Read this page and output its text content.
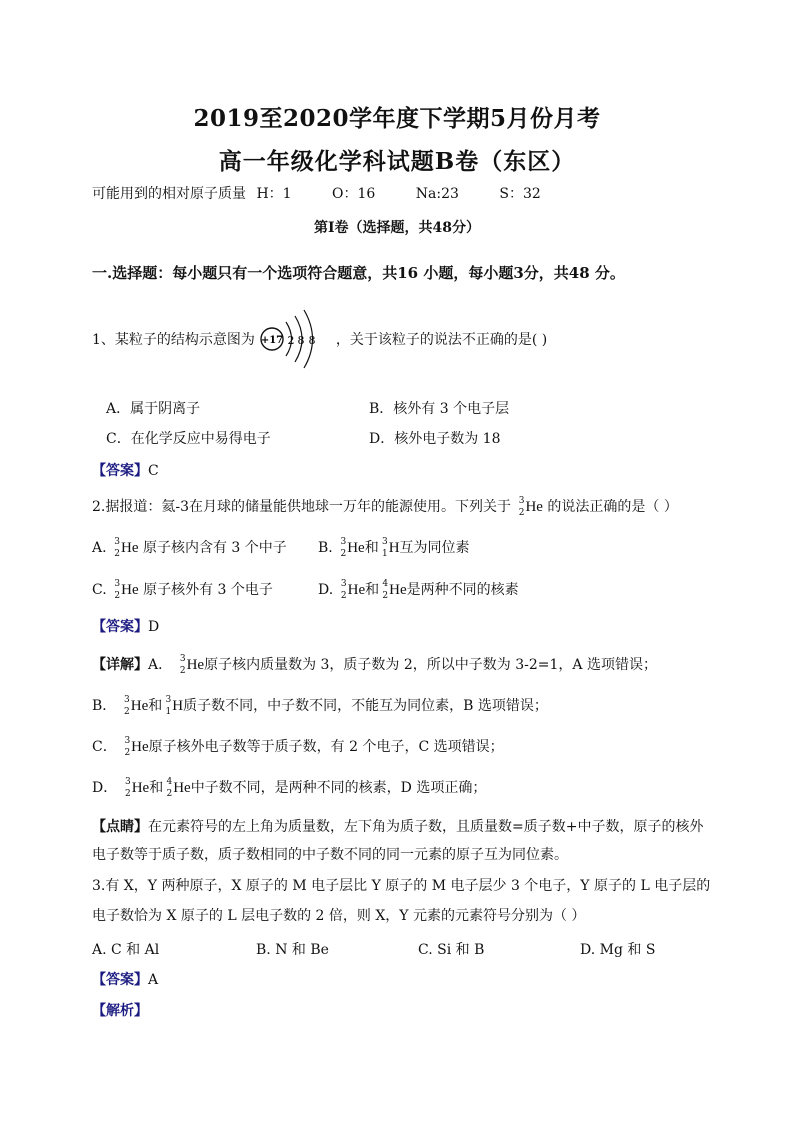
2019至2020学年度下学期5月份月考
高一年级化学科试题B卷（东区）
可能用到的相对原子质量 H：1	O：16	Na:23	S：32
第I卷（选择题，共48分）
一.选择题：每小题只有一个选项符合题意，共16 小题，每小题3分，共48 分。
1、某粒子的结构示意图为 +17 2 8 8 ，关于该粒子的说法不正确的是( )
A．属于阴离子	B．核外有 3 个电子层
C．在化学反应中易得电子	D．核外电子数为 18
【答案】C
2.据报道：氦-3在月球的储量能供地球一万年的能源使用。下列关于 3
2 He 的说法正确的是（ ）
A. 3
2 He 原子核内含有 3 个中子 B. 3
2 He和 3
1 H互为同位素
C. 3
2 He 原子核外有 3 个电子	D. 3
2 He和 4
2 He是两种不同的核素
【答案】D
【详解】A． 3
2 He原子核内质量数为 3，质子数为 2，所以中子数为 3-2=1，A 选项错误；
B． 3
2 He和 3
1 H质子数不同，中子数不同，不能互为同位素，B 选项错误；
C． 3
2 He原子核外电子数等于质子数，有 2 个电子，C 选项错误；
D． 3
2 He和 4
2 He中子数不同，是两种不同的核素，D 选项正确；
【点睛】在元素符号的左上角为质量数，左下角为质子数，且质量数=质子数+中子数，原子的核外
电子数等于质子数，质子数相同的中子数不同的同一元素的原子互为同位素。
3.有 X，Y 两种原子，X 原子的 M 电子层比 Y 原子的 M 电子层少 3 个电子，Y 原子的 L 电子层的
电子数恰为 X 原子的 L 层电子数的 2 倍，则 X，Y 元素的元素符号分别为（ ）
A. C 和 Al	B. N 和 Be	C. Si 和 B	D. Mg 和 S
【答案】A
【解析】
